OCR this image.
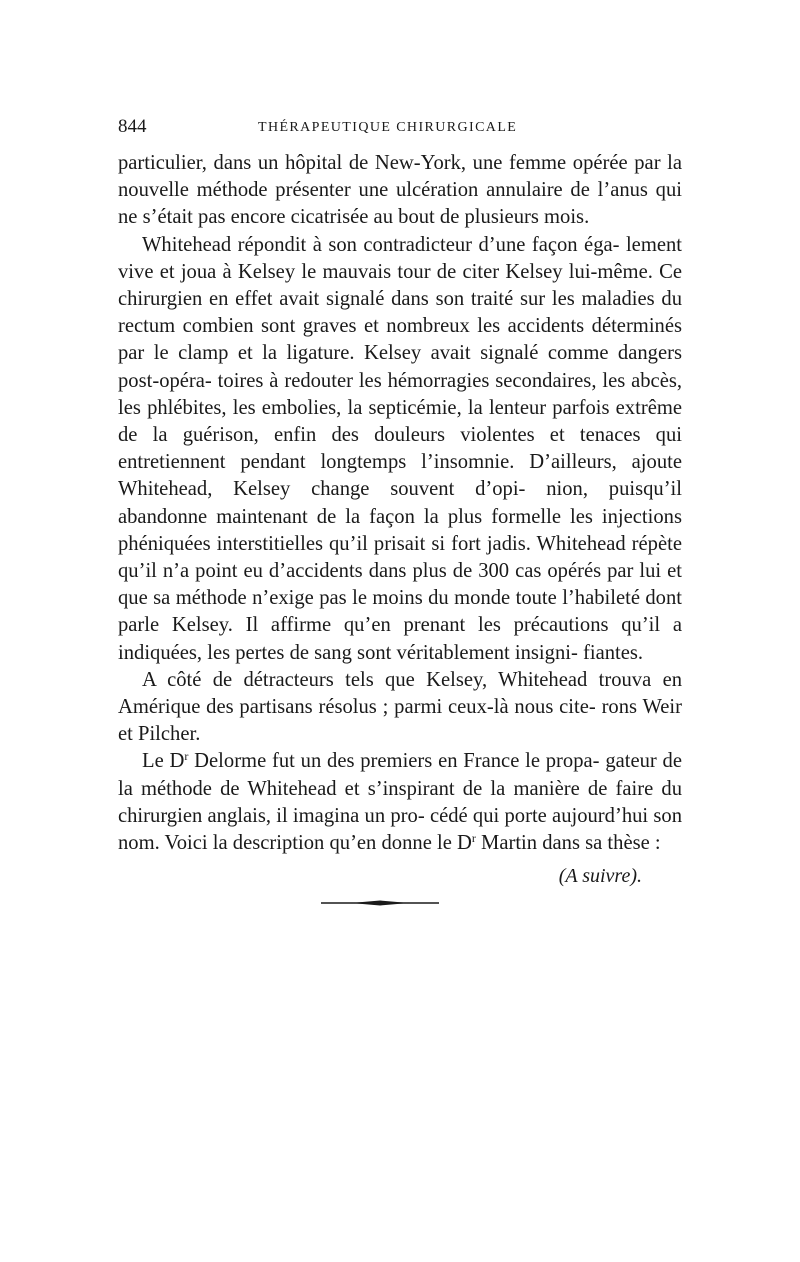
844	THÉRAPEUTIQUE CHIRURGICALE

particulier, dans un hôpital de New-York, une femme opérée par la nouvelle méthode présenter une ulcération annulaire de l’anus qui ne s’était pas encore cicatrisée au bout de plusieurs mois.

Whitehead répondit à son contradicteur d’une façon éga- lement vive et joua à Kelsey le mauvais tour de citer Kelsey lui-même. Ce chirurgien en effet avait signalé dans son traité sur les maladies du rectum combien sont graves et nombreux les accidents déterminés par le clamp et la ligature. Kelsey avait signalé comme dangers post-opéra- toires à redouter les hémorragies secondaires, les abcès, les phlébites, les embolies, la septicémie, la lenteur parfois extrême de la guérison, enfin des douleurs violentes et tenaces qui entretiennent pendant longtemps l’insomnie. D’ailleurs, ajoute Whitehead, Kelsey change souvent d’opi- nion, puisqu’il abandonne maintenant de la façon la plus formelle les injections phéniquées interstitielles qu’il prisait si fort jadis. Whitehead répète qu’il n’a point eu d’accidents dans plus de 300 cas opérés par lui et que sa méthode n’exige pas le moins du monde toute l’habileté dont parle Kelsey. Il affirme qu’en prenant les précautions qu’il a indiquées, les pertes de sang sont véritablement insigni- fiantes.

A côté de détracteurs tels que Kelsey, Whitehead trouva en Amérique des partisans résolus ; parmi ceux-là nous cite- rons Weir et Pilcher.

Le $D^r$ Delorme fut un des premiers en France le propa- gateur de la méthode de Whitehead et s’inspirant de la manière de faire du chirurgien anglais, il imagina un pro- cédé qui porte aujourd’hui son nom. Voici la description qu’en donne le $D^r$ Martin dans sa thèse :

(A suivre).
